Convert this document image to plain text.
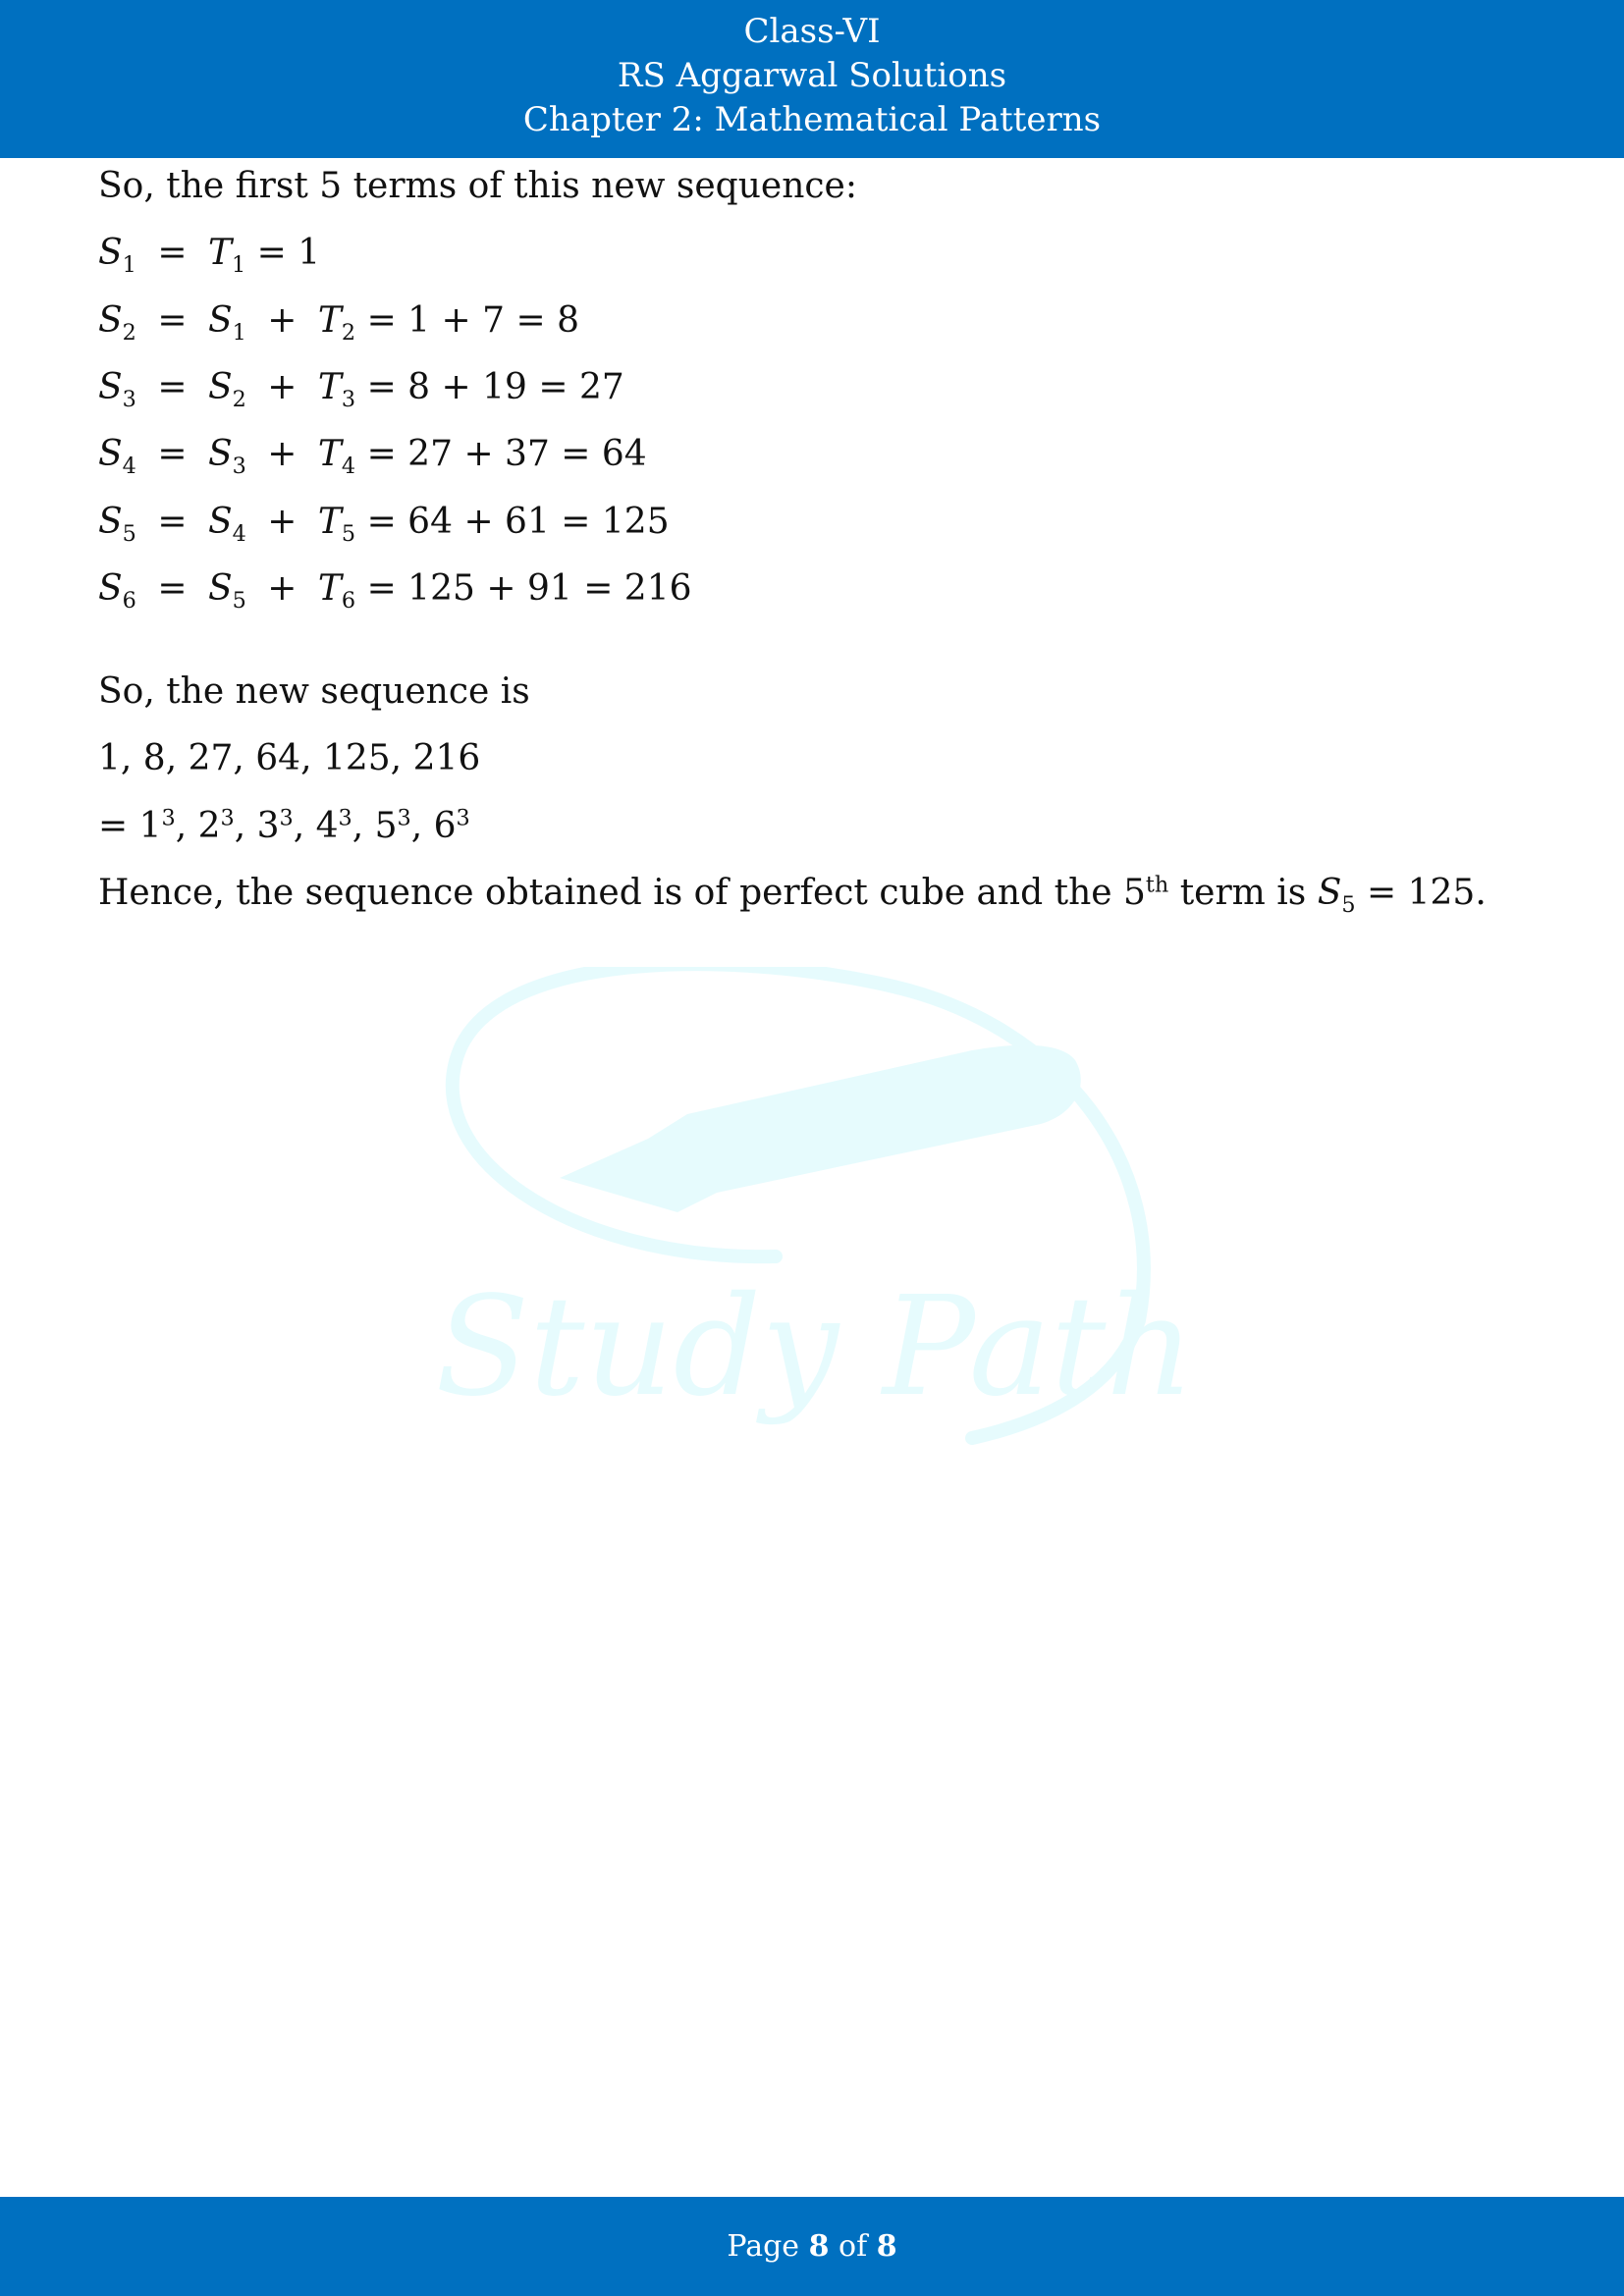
Class-VI
RS Aggarwal Solutions
Chapter 2: Mathematical Patterns
Study Path
So, the first 5 terms of this new sequence:
$S_1 = T_1 = 1$
$S_2 = S_1 + T_2 = 1 + 7 = 8$
$S_3 = S_2 + T_3 = 8 + 19 = 27$
$S_4 = S_3 + T_4 = 27 + 37 = 64$
$S_5 = S_4 + T_5 = 64 + 61 = 125$
$S_6 = S_5 + T_6 = 125 + 91 = 216$
So, the new sequence is
1, 8, 27, 64, 125, 216
= $1^3$, $2^3$, $3^3$, $4^3$, $5^3$, $6^3$
Hence, the sequence obtained is of perfect cube and the 5th term is $S_5 = 125$.
Page 8 of 8
